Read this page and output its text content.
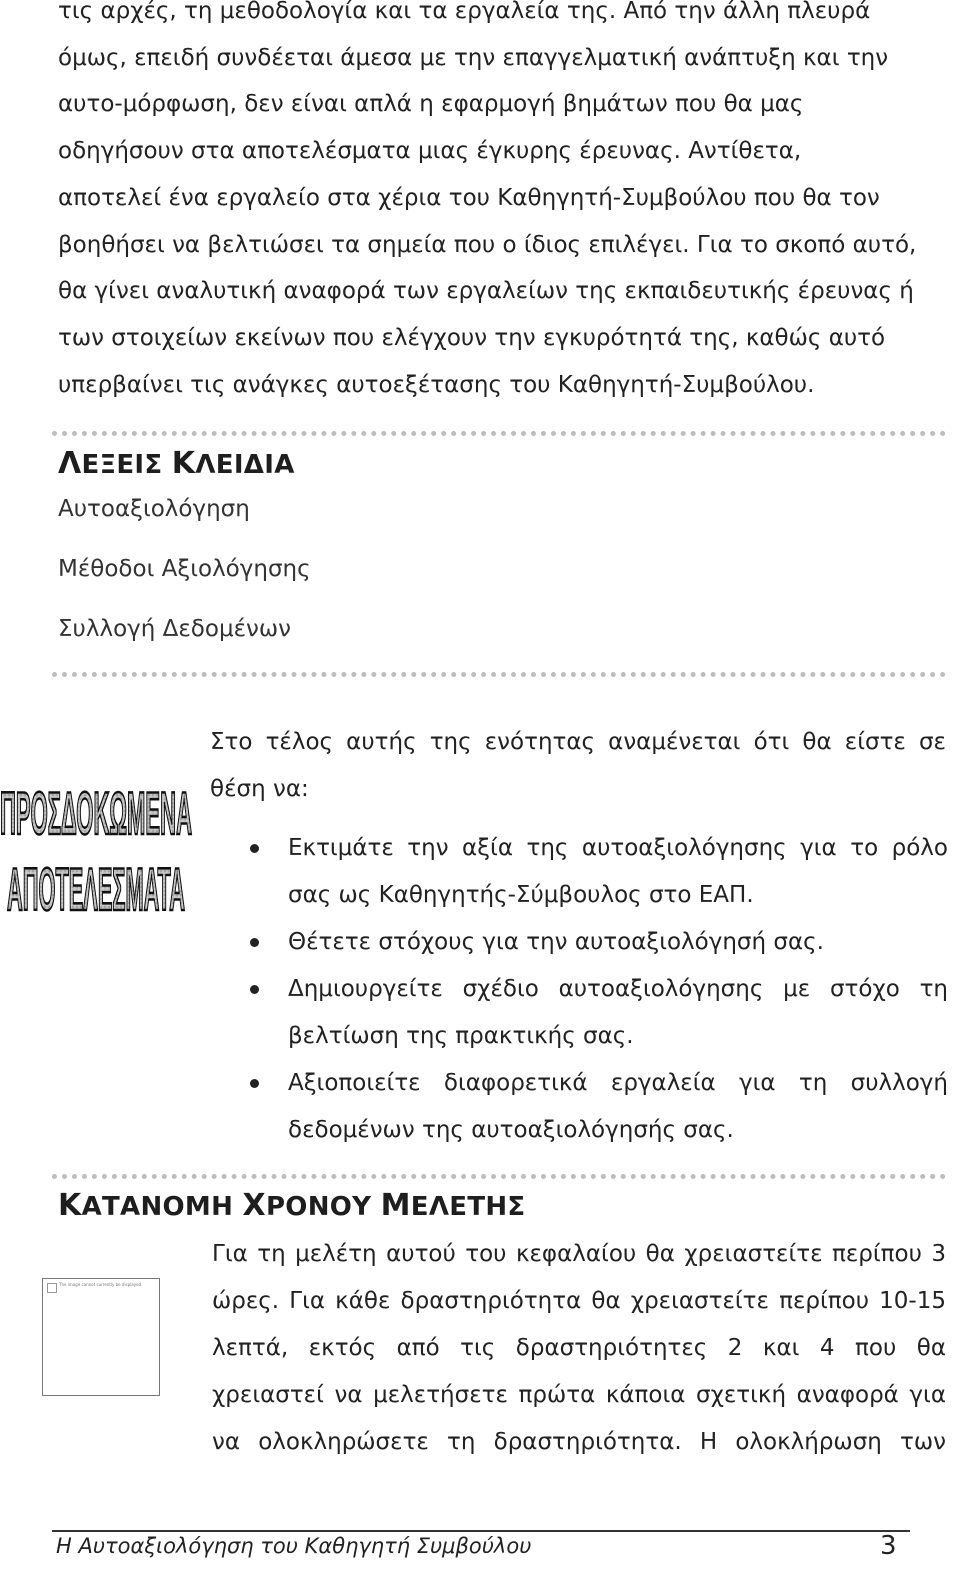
τις αρχές, τη μεθοδολογία και τα εργαλεία της. Από την άλλη πλευρά
όμως, επειδή συνδέεται άμεσα με την επαγγελματική ανάπτυξη και την
αυτο-μόρφωση, δεν είναι απλά η εφαρμογή βημάτων που θα μας
οδηγήσουν στα αποτελέσματα μιας έγκυρης έρευνας. Αντίθετα,
αποτελεί ένα εργαλείο στα χέρια του Καθηγητή-Συμβούλου που θα τον
βοηθήσει να βελτιώσει τα σημεία που ο ίδιος επιλέγει. Για το σκοπό αυτό,
θα γίνει αναλυτική αναφορά των εργαλείων της εκπαιδευτικής έρευνας ή
των στοιχείων εκείνων που ελέγχουν την εγκυρότητά της, καθώς αυτό
υπερβαίνει τις ανάγκες αυτοεξέτασης του Καθηγητή-Συμβούλου.
ΛΕΞΕΙΣ ΚΛΕΙΔΙΑ

Αυτοαξιολόγηση

Μέθοδοι Αξιολόγησης

Συλλογή Δεδομένων

ΠΡΟΣΔΟΚΩΜΕΝΑ
ΑΠΟΤΕΛΕΣΜΑΤΑ
Στο τέλος αυτής της ενότητας αναμένεται ότι θα είστε σε
θέση να:
Εκτιμάτε την αξία της αυτοαξιολόγησης για το ρόλο
σας ως Καθηγητής-Σύμβουλος στο ΕΑΠ.
Θέτετε στόχους για την αυτοαξιολόγησή σας.
Δημιουργείτε σχέδιο αυτοαξιολόγησης με στόχο τη
βελτίωση της πρακτικής σας.
Αξιοποιείτε διαφορετικά εργαλεία για τη συλλογή
δεδομένων της αυτοαξιολόγησής σας.
ΚΑΤΑΝΟΜΗ ΧΡΟΝΟΥ ΜΕΛΕΤΗΣ
The image cannot currently be displayed.
Για τη μελέτη αυτού του κεφαλαίου θα χρειαστείτε περίπου 3
ώρες. Για κάθε δραστηριότητα θα χρειαστείτε περίπου 10-15
λεπτά, εκτός από τις δραστηριότητες 2 και 4 που θα
χρειαστεί να μελετήσετε πρώτα κάποια σχετική αναφορά για
να ολοκληρώσετε τη δραστηριότητα. Η ολοκλήρωση των
Η Αυτοαξιολόγηση του Καθηγητή Συμβούλου	3
